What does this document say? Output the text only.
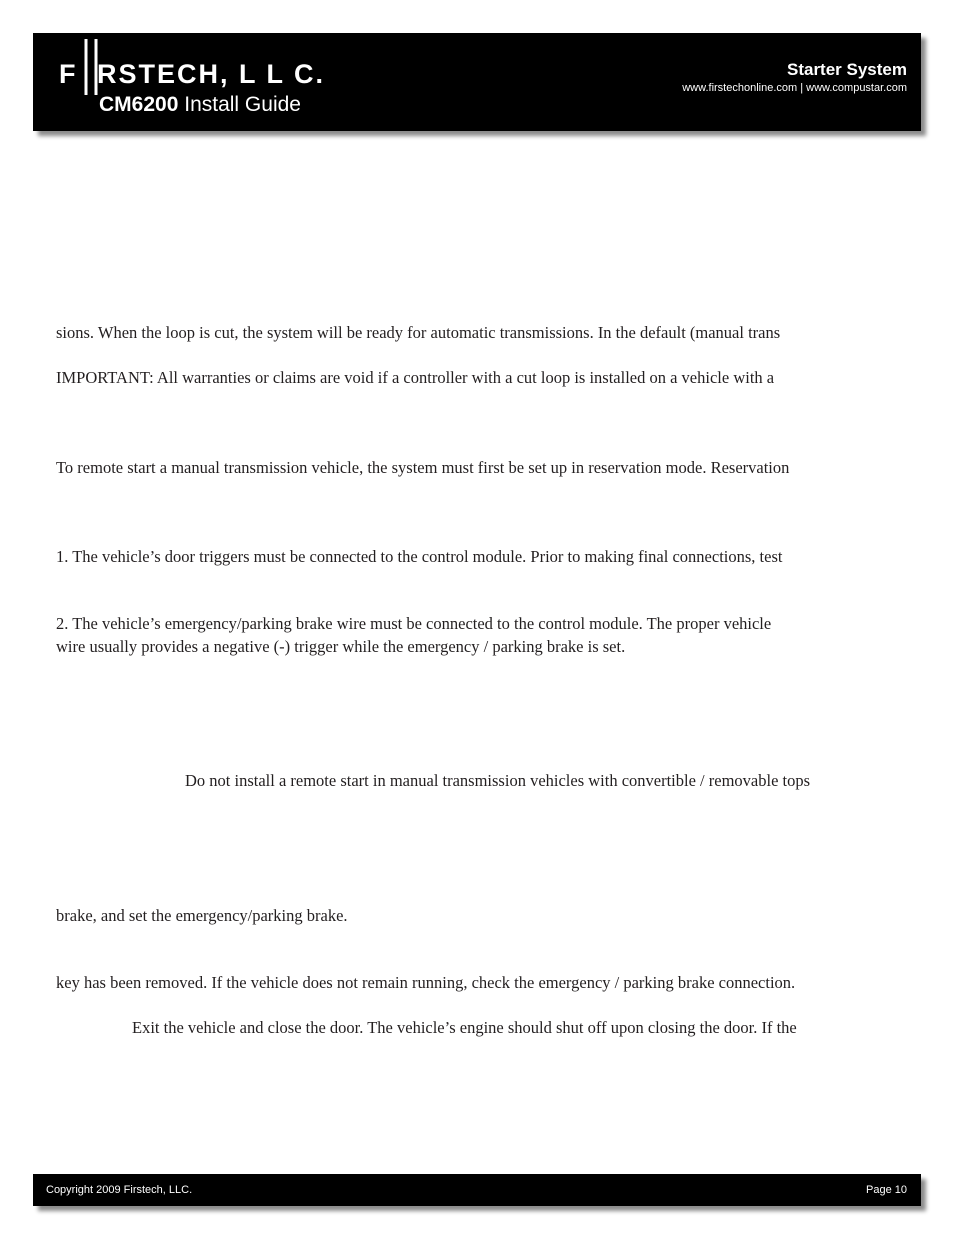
F RSTECH, L L C.
CM6200 Install Guide
Starter System
www.firstechonline.com | www.compustar.com
sions. When the loop is cut, the system will be ready for automatic transmissions. In the default (manual trans
IMPORTANT: All warranties or claims are void if a controller with a cut loop is installed on a vehicle with a
To remote start a manual transmission vehicle, the system must first be set up in reservation mode. Reservation
1. The vehicle’s door triggers must be connected to the control module. Prior to making final connections, test
2. The vehicle’s emergency/parking brake wire must be connected to the control module. The proper vehicle
wire usually provides a negative (-) trigger while the emergency / parking brake is set.
Do not install a remote start in manual transmission vehicles with convertible / removable tops
brake, and set the emergency/parking brake.
key has been removed. If the vehicle does not remain running, check the emergency / parking brake connection.
Exit the vehicle and close the door. The vehicle’s engine should shut off upon closing the door. If the
Copyright 2009 Firstech, LLC.	Page 10
